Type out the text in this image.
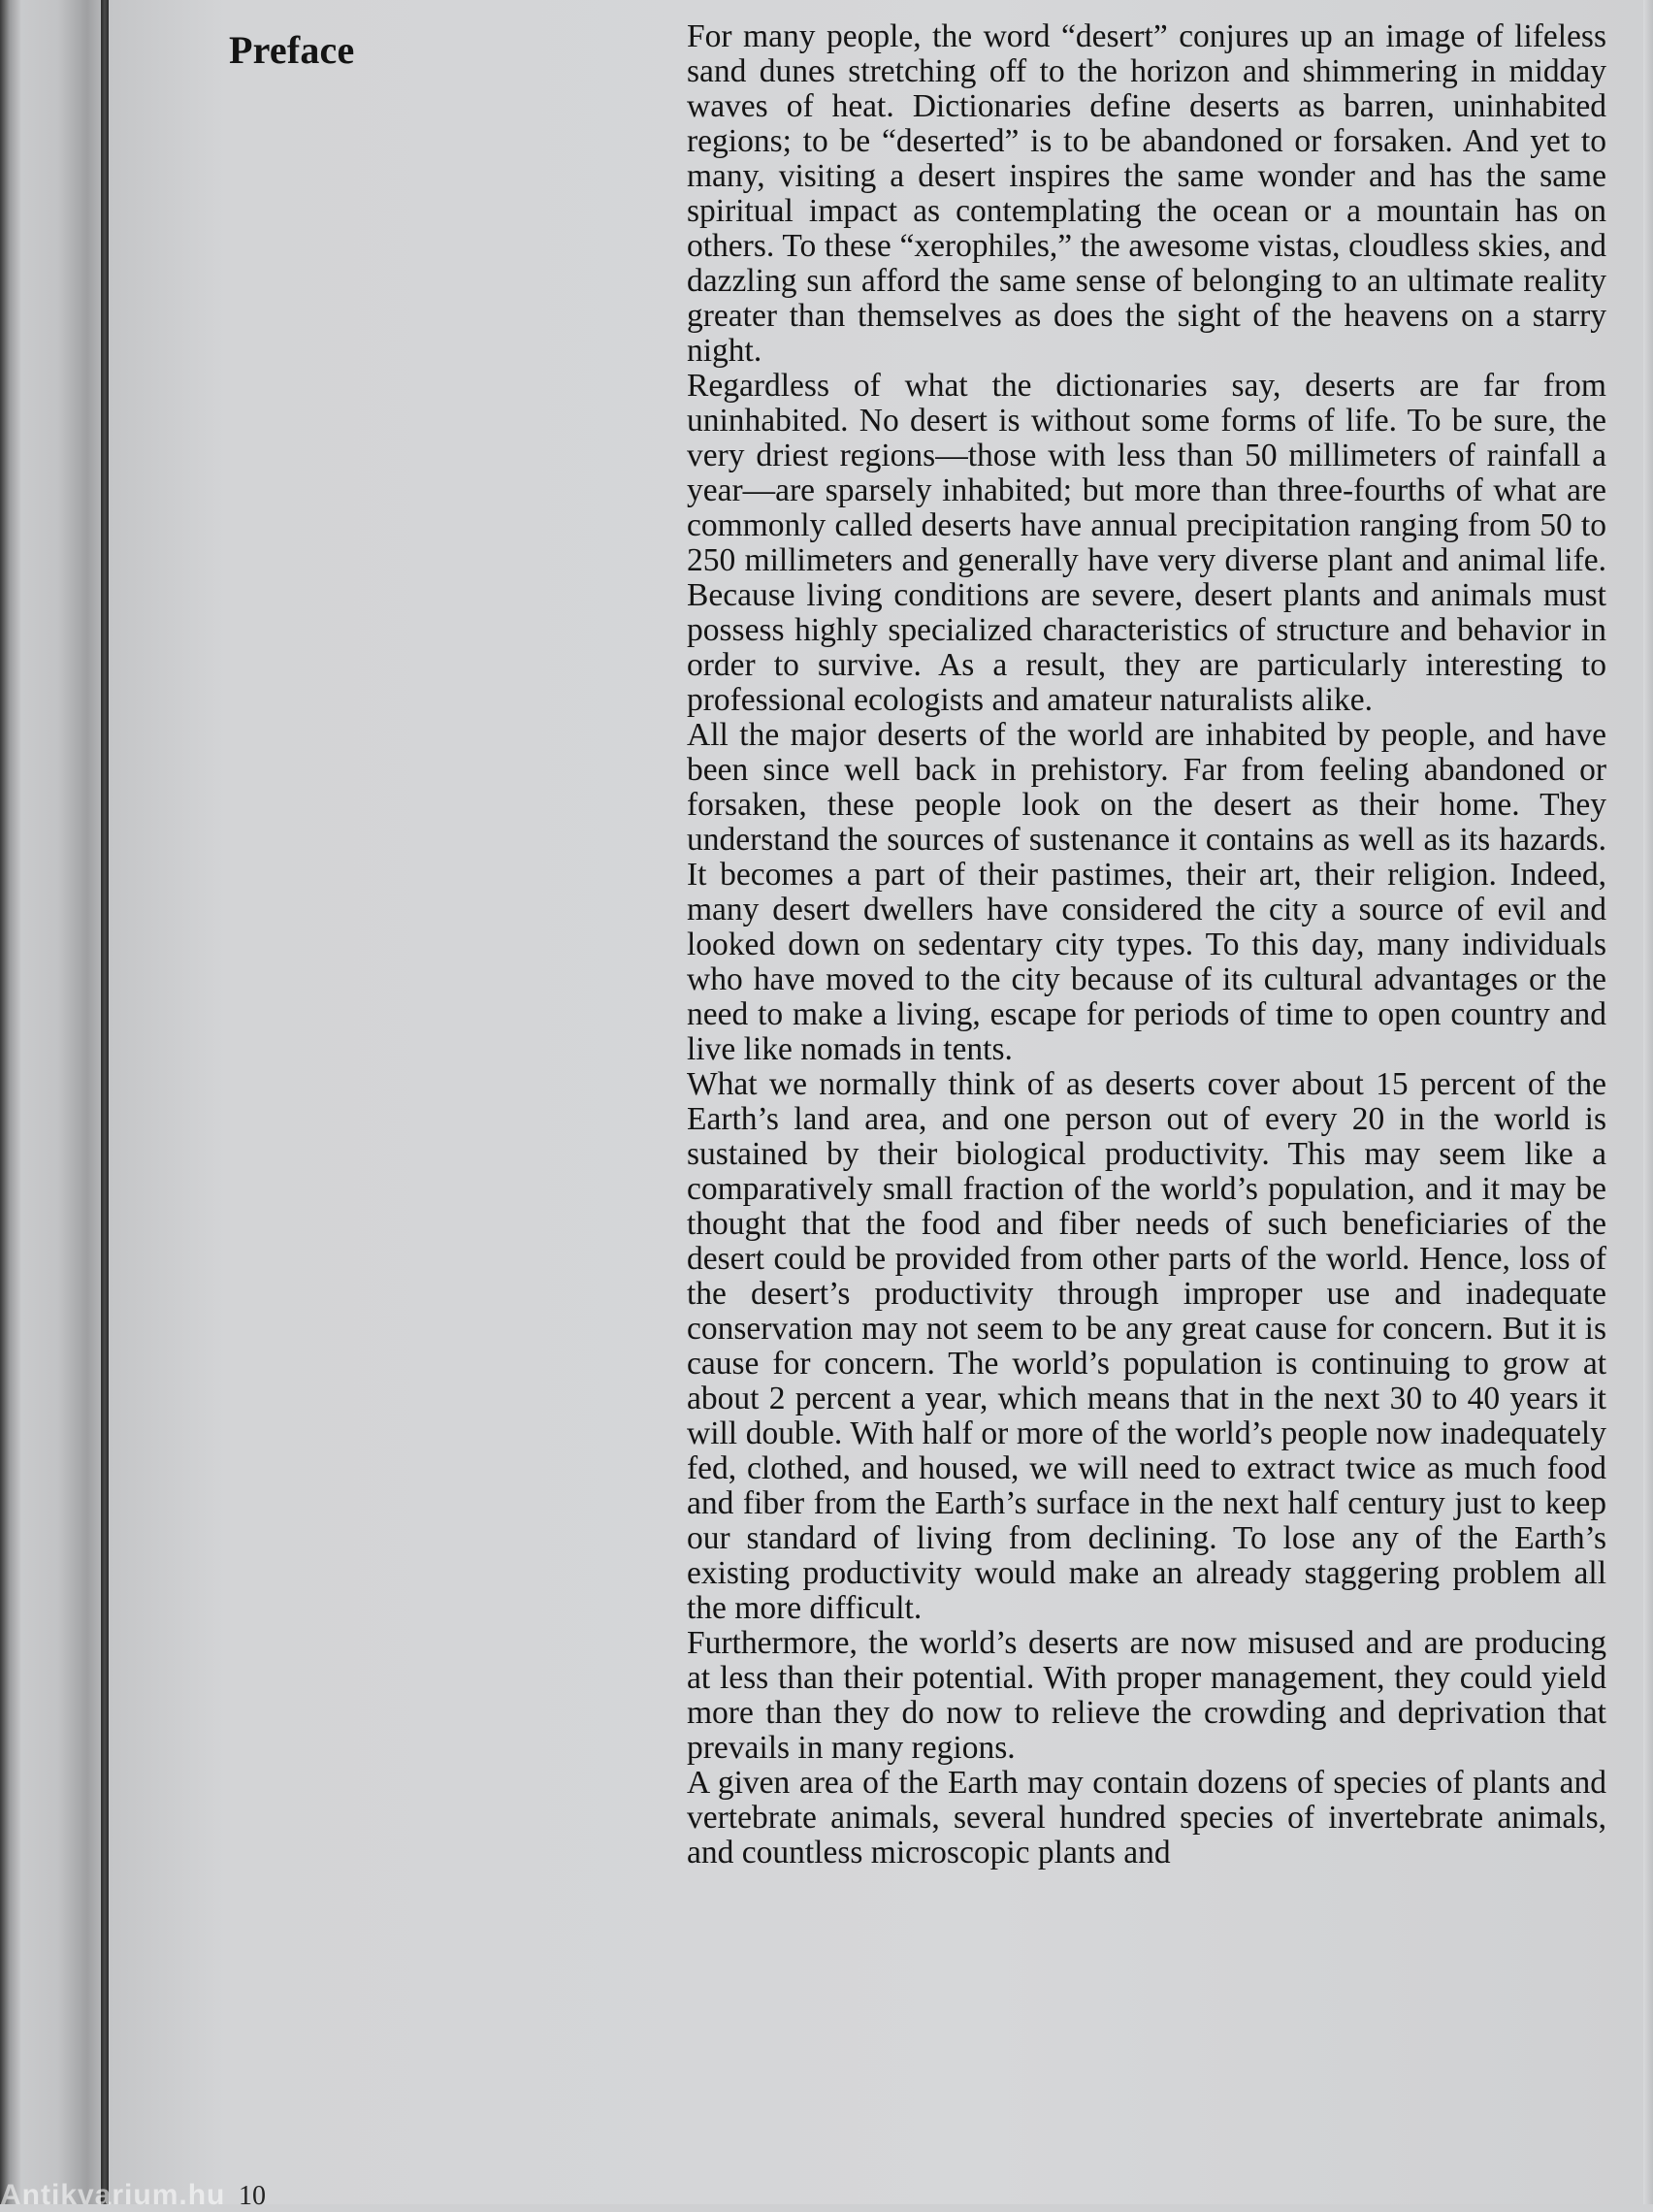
Preface	For many people, the word “desert” conjures up an image of lifeless sand dunes stretching off to the horizon and shimmering in midday waves of heat. Dictionaries define deserts as barren, uninhabited regions; to be “deserted” is to be abandoned or forsaken. And yet to many, visiting a desert inspires the same wonder and has the same spiritual impact as contemplating the ocean or a mountain has on others. To these “xerophiles,” the awesome vistas, cloudless skies, and dazzling sun afford the same sense of belonging to an ultimate reality greater than themselves as does the sight of the heavens on a starry night.

Regardless of what the dictionaries say, deserts are far from uninhabited. No desert is without some forms of life. To be sure, the very driest regions—those with less than 50 millimeters of rainfall a year—are sparsely inhabited; but more than three-fourths of what are commonly called deserts have annual precipitation ranging from 50 to 250 millimeters and generally have very diverse plant and animal life. Because living conditions are severe, desert plants and animals must possess highly specialized characteristics of structure and behavior in order to survive. As a result, they are particularly interesting to professional ecologists and amateur naturalists alike.

All the major deserts of the world are inhabited by people, and have been since well back in prehistory. Far from feeling abandoned or forsaken, these people look on the desert as their home. They understand the sources of sustenance it contains as well as its hazards. It becomes a part of their pastimes, their art, their religion. Indeed, many desert dwellers have considered the city a source of evil and looked down on sedentary city types. To this day, many individuals who have moved to the city because of its cultural advantages or the need to make a living, escape for periods of time to open country and live like nomads in tents.

What we normally think of as deserts cover about 15 percent of the Earth’s land area, and one person out of every 20 in the world is sustained by their biological productivity. This may seem like a comparatively small fraction of the world’s population, and it may be thought that the food and fiber needs of such beneficiaries of the desert could be provided from other parts of the world. Hence, loss of the desert’s productivity through improper use and inadequate conservation may not seem to be any great cause for concern. But it is cause for concern. The world’s population is continuing to grow at about 2 percent a year, which means that in the next 30 to 40 years it will double. With half or more of the world’s people now inadequately fed, clothed, and housed, we will need to extract twice as much food and fiber from the Earth’s surface in the next half century just to keep our standard of living from declining. To lose any of the Earth’s existing productivity would make an already staggering problem all the more difficult.

Furthermore, the world’s deserts are now misused and are producing at less than their potential. With proper management, they could yield more than they do now to relieve the crowding and deprivation that prevails in many regions.

A given area of the Earth may contain dozens of species of plants and vertebrate animals, several hundred species of invertebrate animals, and countless microscopic plants and

10
Antikvarium.hu
